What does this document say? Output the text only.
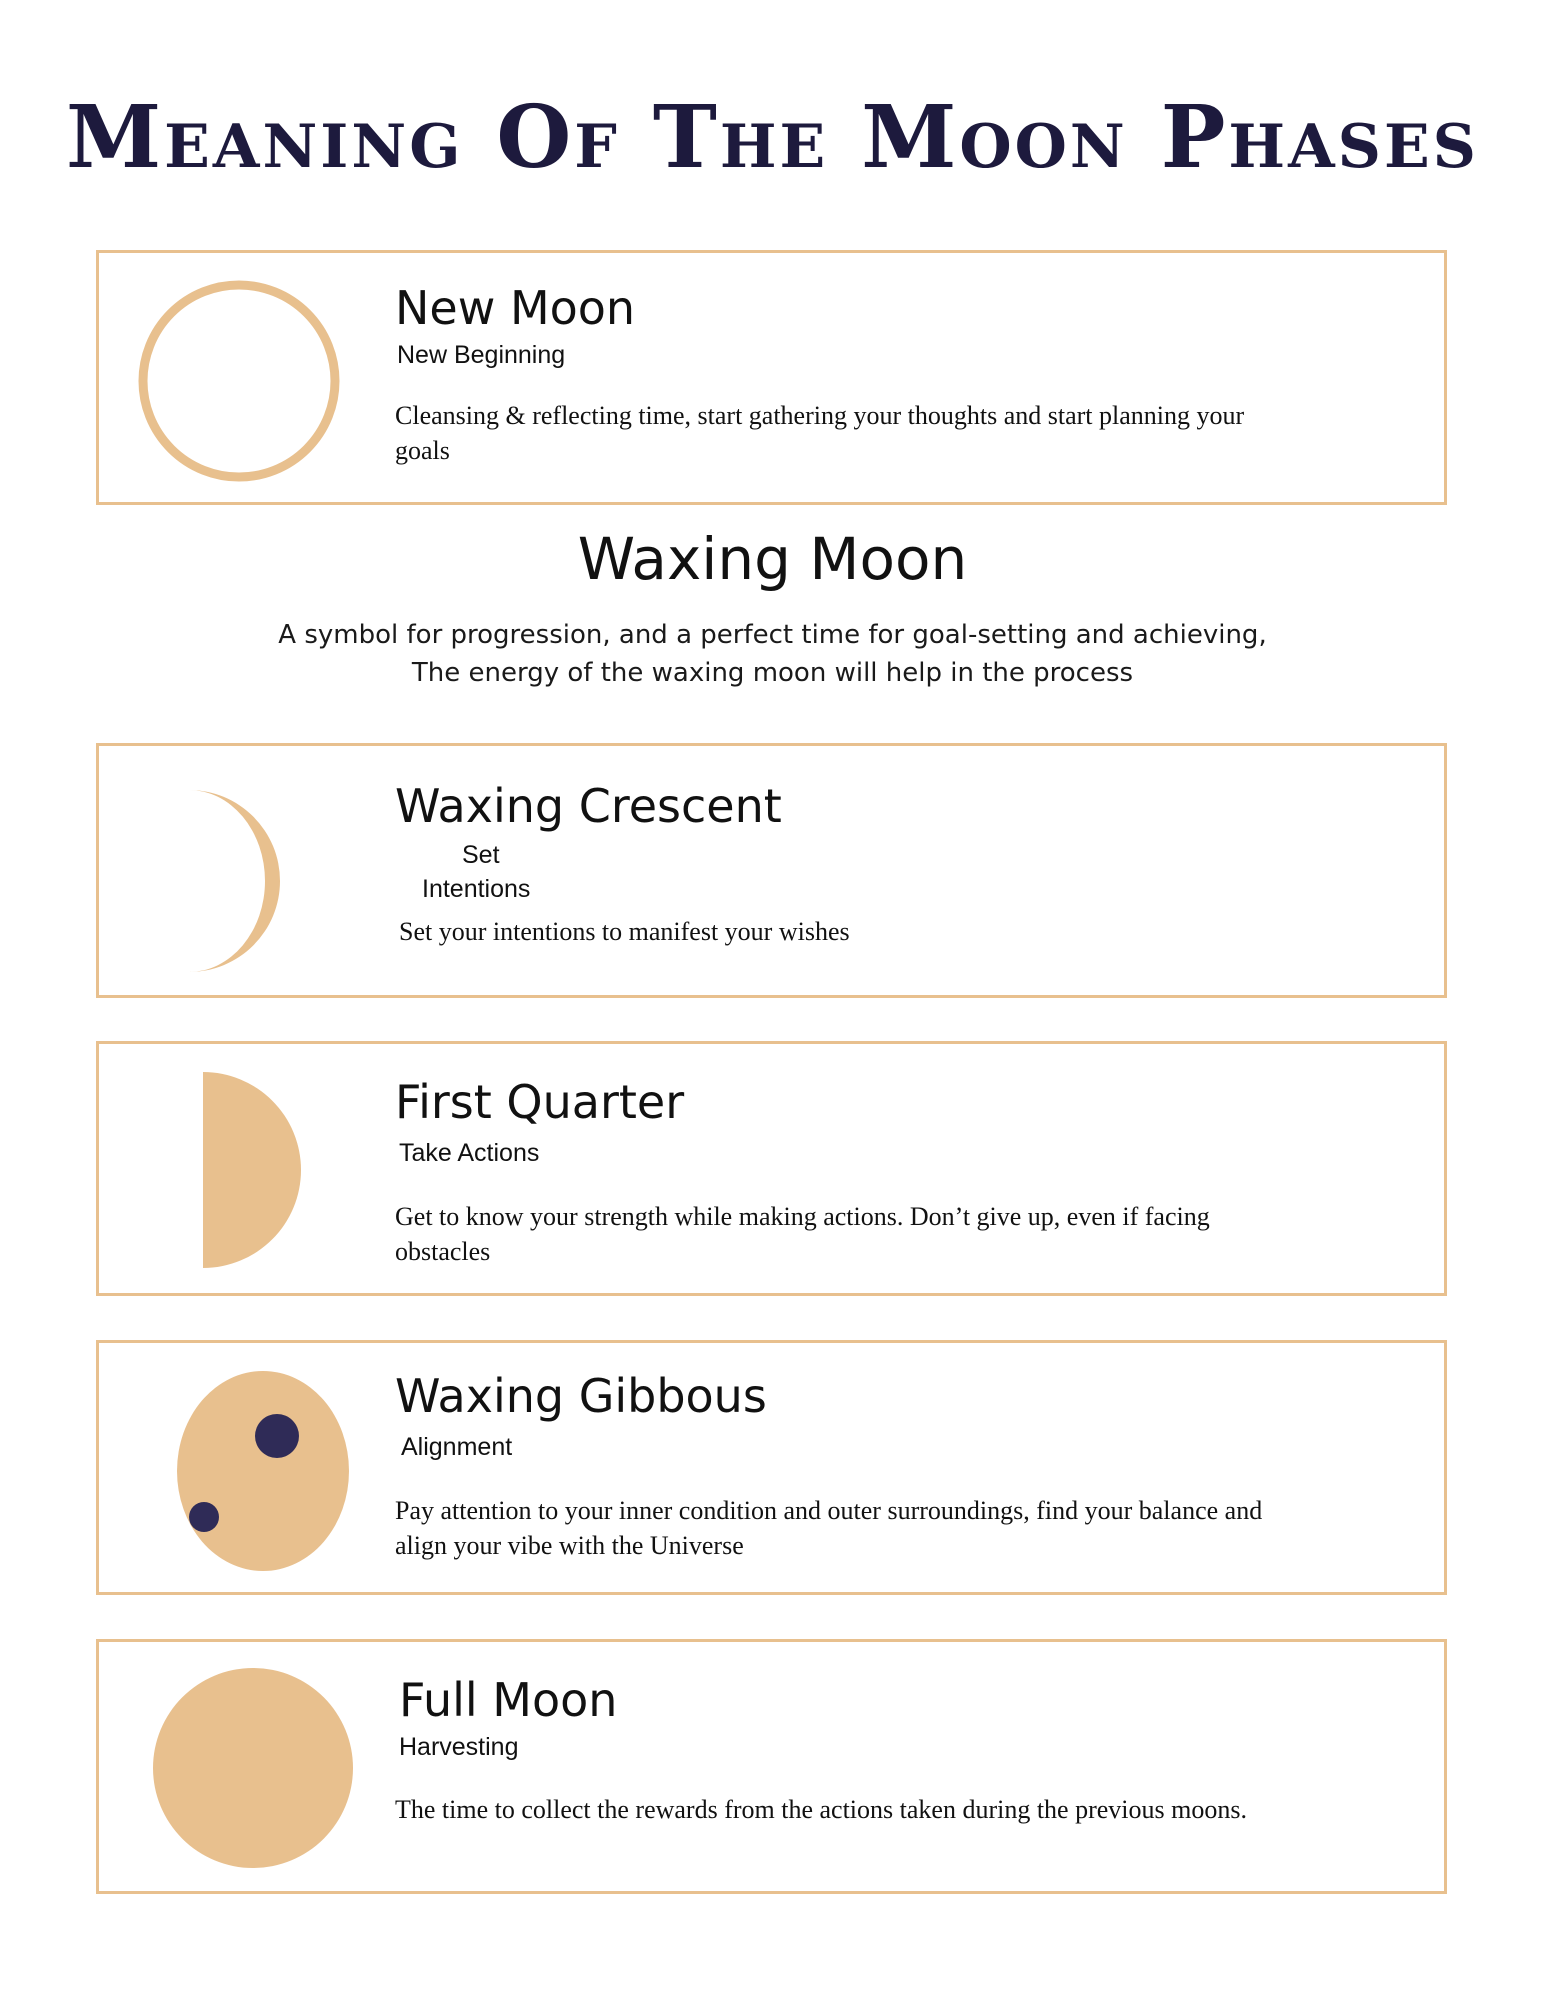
Meaning Of The Moon Phases
New Moon
New Beginning
Cleansing & reflecting time, start gathering your thoughts and start planning your goals
Waxing Moon
A symbol for progression, and a perfect time for goal-setting and achieving,
The energy of the waxing moon will help in the process
Waxing Crescent
Set
Intentions
Set your intentions to manifest your wishes
First Quarter
Take Actions
Get to know your strength while making actions. Don’t give up, even if facing obstacles
Waxing Gibbous
Alignment
Pay attention to your inner condition and outer surroundings, find your balance and align your vibe with the Universe
Full Moon
Harvesting
The time to collect the rewards from the actions taken during the previous moons.
